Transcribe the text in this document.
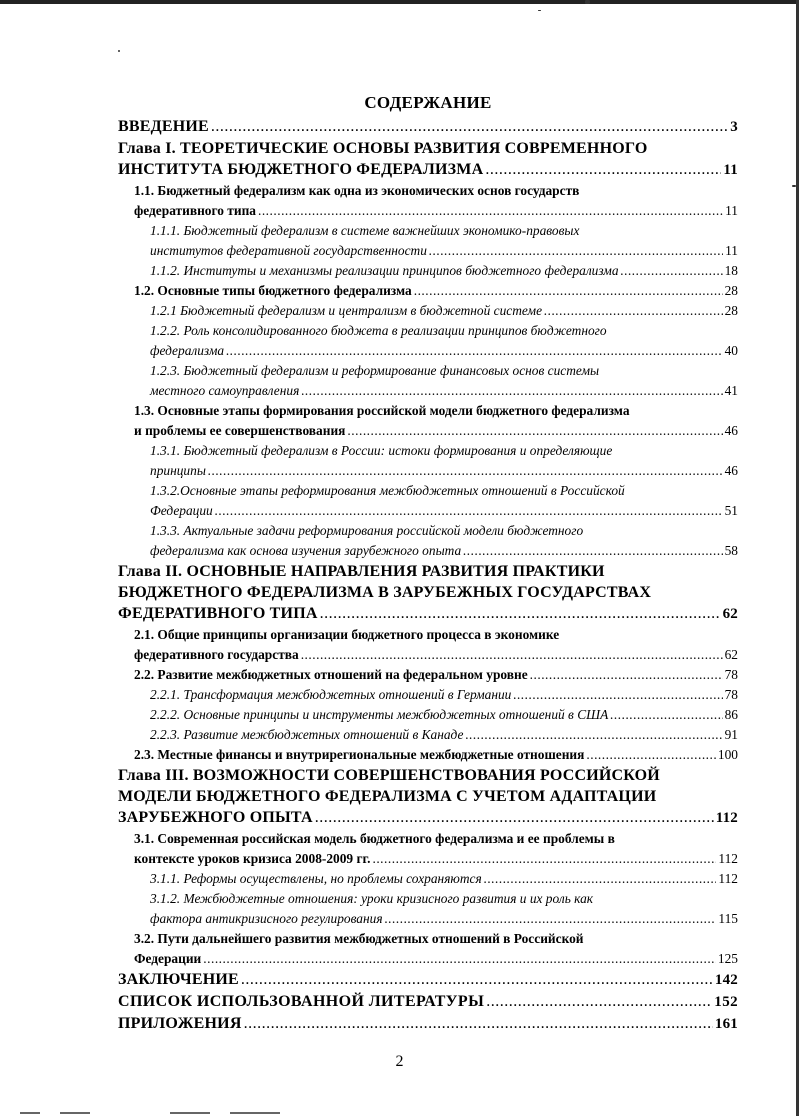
СОДЕРЖАНИЕ
ВВЕДЕНИЕ .....	3
Глава I. ТЕОРЕТИЧЕСКИЕ ОСНОВЫ РАЗВИТИЯ СОВРЕМЕННОГО
ИНСТИТУТА БЮДЖЕТНОГО ФЕДЕРАЛИЗМА .....	11
1.1. Бюджетный федерализм как одна из экономических основ государств
федеративного типа .....	11
1.1.1. Бюджетный федерализм в системе важнейших экономико-правовых
институтов федеративной государственности .....	11
1.1.2. Институты и механизмы реализации принципов бюджетного федерализма .....	18
1.2. Основные типы бюджетного федерализма .....	28
1.2.1 Бюджетный федерализм и централизм в бюджетной системе .....	28
1.2.2. Роль консолидированного бюджета в реализации принципов бюджетного
федерализма .....	40
1.2.3. Бюджетный федерализм и реформирование финансовых основ системы
местного самоуправления .....	41
1.3. Основные этапы формирования российской модели бюджетного федерализма
и проблемы ее совершенствования .....	46
1.3.1. Бюджетный федерализм в России: истоки формирования и определяющие
принципы .....	46
1.3.2.Основные этапы реформирования межбюджетных отношений в Российской
Федерации .....	51
1.3.3. Актуальные задачи реформирования российской модели бюджетного
федерализма как основа изучения зарубежного опыта .....	58
Глава II. ОСНОВНЫЕ НАПРАВЛЕНИЯ РАЗВИТИЯ ПРАКТИКИ
БЮДЖЕТНОГО ФЕДЕРАЛИЗМА В ЗАРУБЕЖНЫХ ГОСУДАРСТВАХ
ФЕДЕРАТИВНОГО ТИПА .....	62
2.1. Общие принципы организации бюджетного процесса в экономике
федеративного государства .....	62
2.2. Развитие межбюджетных отношений на федеральном уровне .....	78
2.2.1. Трансформация межбюджетных отношений в Германии .....	78
2.2.2. Основные принципы и инструменты межбюджетных отношений в США .....	86
2.2.3. Развитие межбюджетных отношений в Канаде .....	91
2.3. Местные финансы и внутрирегиональные межбюджетные отношения .....	100
Глава III. ВОЗМОЖНОСТИ СОВЕРШЕНСТВОВАНИЯ РОССИЙСКОЙ
МОДЕЛИ БЮДЖЕТНОГО ФЕДЕРАЛИЗМА С УЧЕТОМ АДАПТАЦИИ
ЗАРУБЕЖНОГО ОПЫТА .....	112
3.1. Современная российская модель бюджетного федерализма и ее проблемы в
контексте уроков кризиса 2008-2009 гг. .....	112
3.1.1. Реформы осуществлены, но проблемы сохраняются .....	112
3.1.2. Межбюджетные отношения: уроки кризисного развития и их роль как
фактора антикризисного регулирования .....	115
3.2. Пути дальнейшего развития межбюджетных отношений в Российской
Федерации .....	125
ЗАКЛЮЧЕНИЕ .....	142
СПИСОК ИСПОЛЬЗОВАННОЙ ЛИТЕРАТУРЫ .....	152
ПРИЛОЖЕНИЯ .....	161
2
